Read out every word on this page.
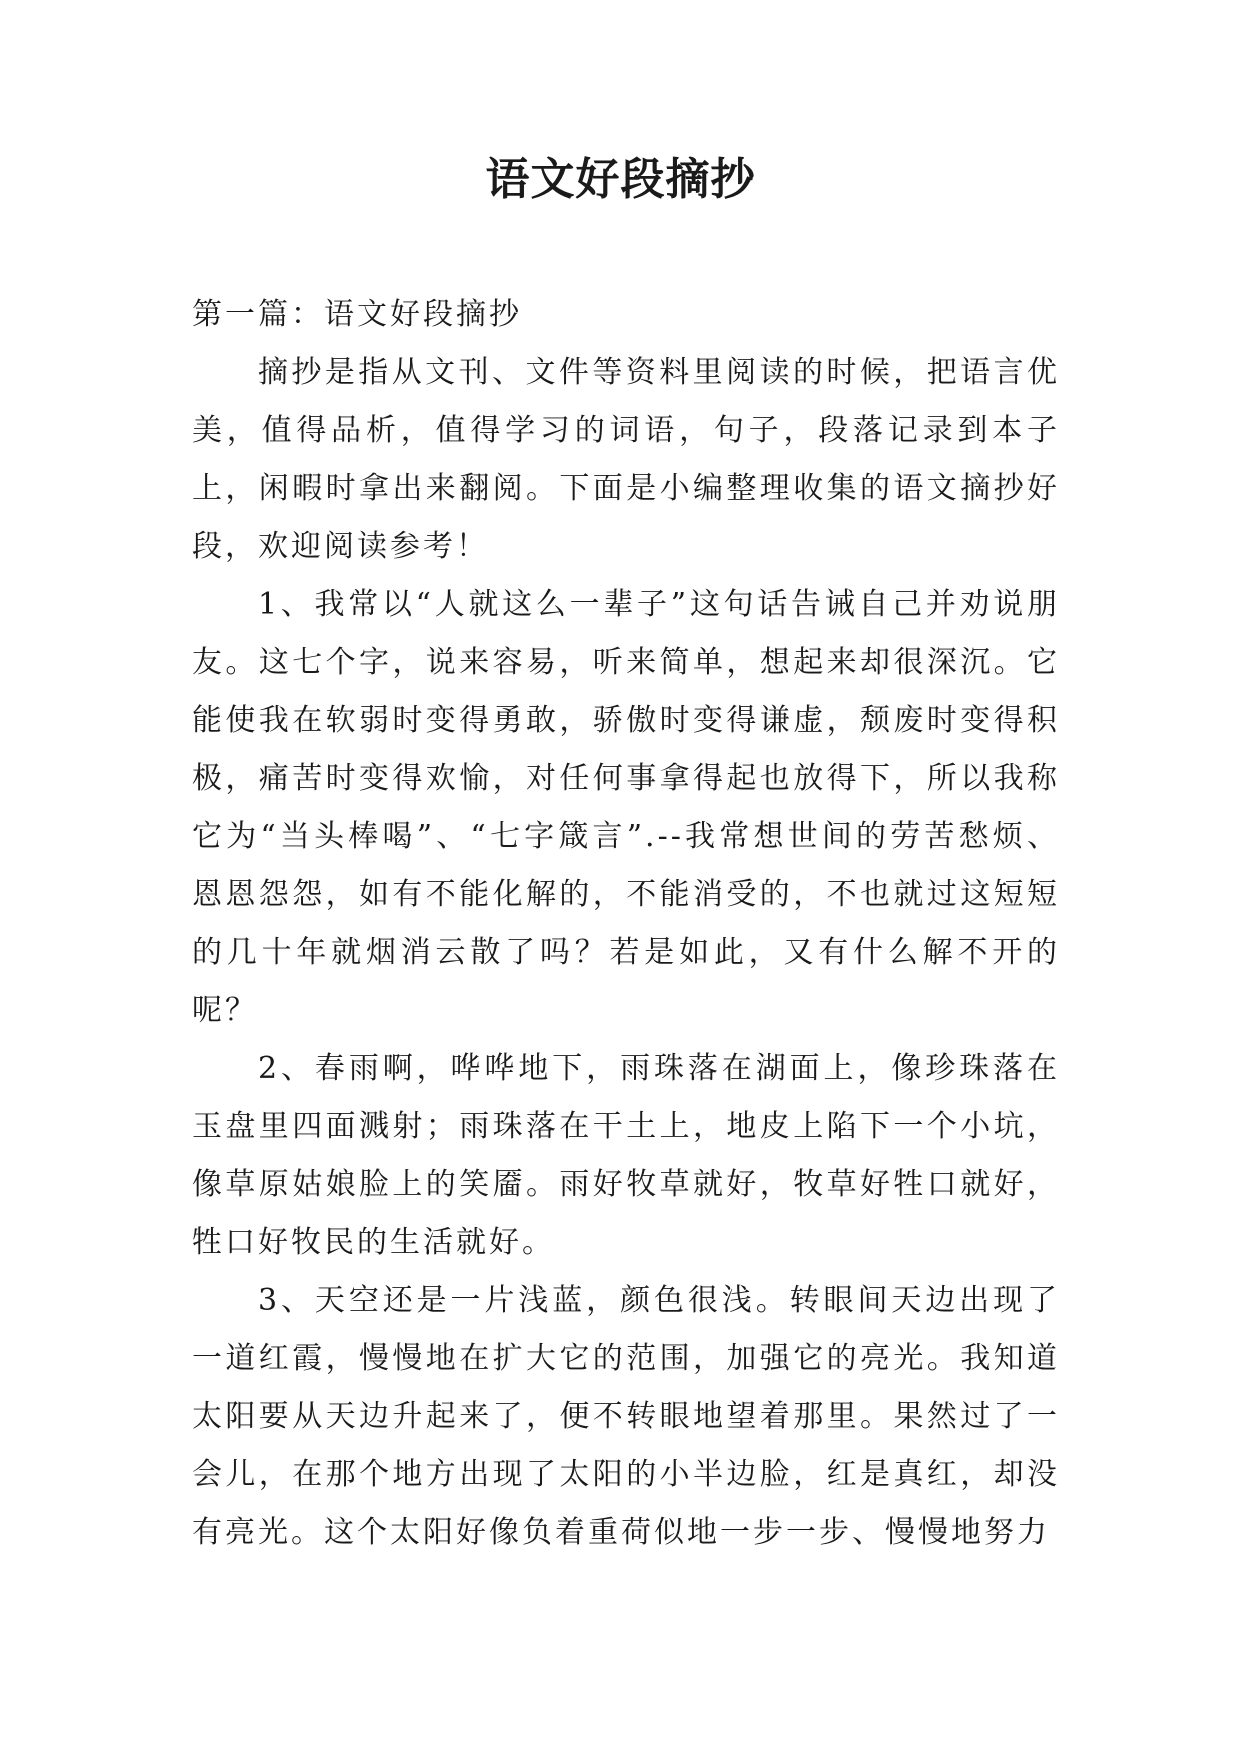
语文好段摘抄

第一篇：语文好段摘抄

摘抄是指从文刊、文件等资料里阅读的时候，把语言优美，值得品析，值得学习的词语，句子，段落记录到本子上，闲暇时拿出来翻阅。下面是小编整理收集的语文摘抄好段，欢迎阅读参考！

1、我常以“人就这么一辈子”这句话告诫自己并劝说朋友。这七个字，说来容易，听来简单，想起来却很深沉。它能使我在软弱时变得勇敢，骄傲时变得谦虚，颓废时变得积极，痛苦时变得欢愉，对任何事拿得起也放得下，所以我称它为“当头棒喝”、“七字箴言”.--我常想世间的劳苦愁烦、恩恩怨怨，如有不能化解的，不能消受的，不也就过这短短的几十年就烟消云散了吗？若是如此，又有什么解不开的呢？

2、春雨啊，哗哗地下，雨珠落在湖面上，像珍珠落在玉盘里四面溅射；雨珠落在干土上，地皮上陷下一个小坑，像草原姑娘脸上的笑靥。雨好牧草就好，牧草好牲口就好，牲口好牧民的生活就好。

3、天空还是一片浅蓝，颜色很浅。转眼间天边出现了一道红霞，慢慢地在扩大它的范围，加强它的亮光。我知道太阳要从天边升起来了，便不转眼地望着那里。果然过了一会儿，在那个地方出现了太阳的小半边脸，红是真红，却没有亮光。这个太阳好像负着重荷似地一步一步、慢慢地努力
